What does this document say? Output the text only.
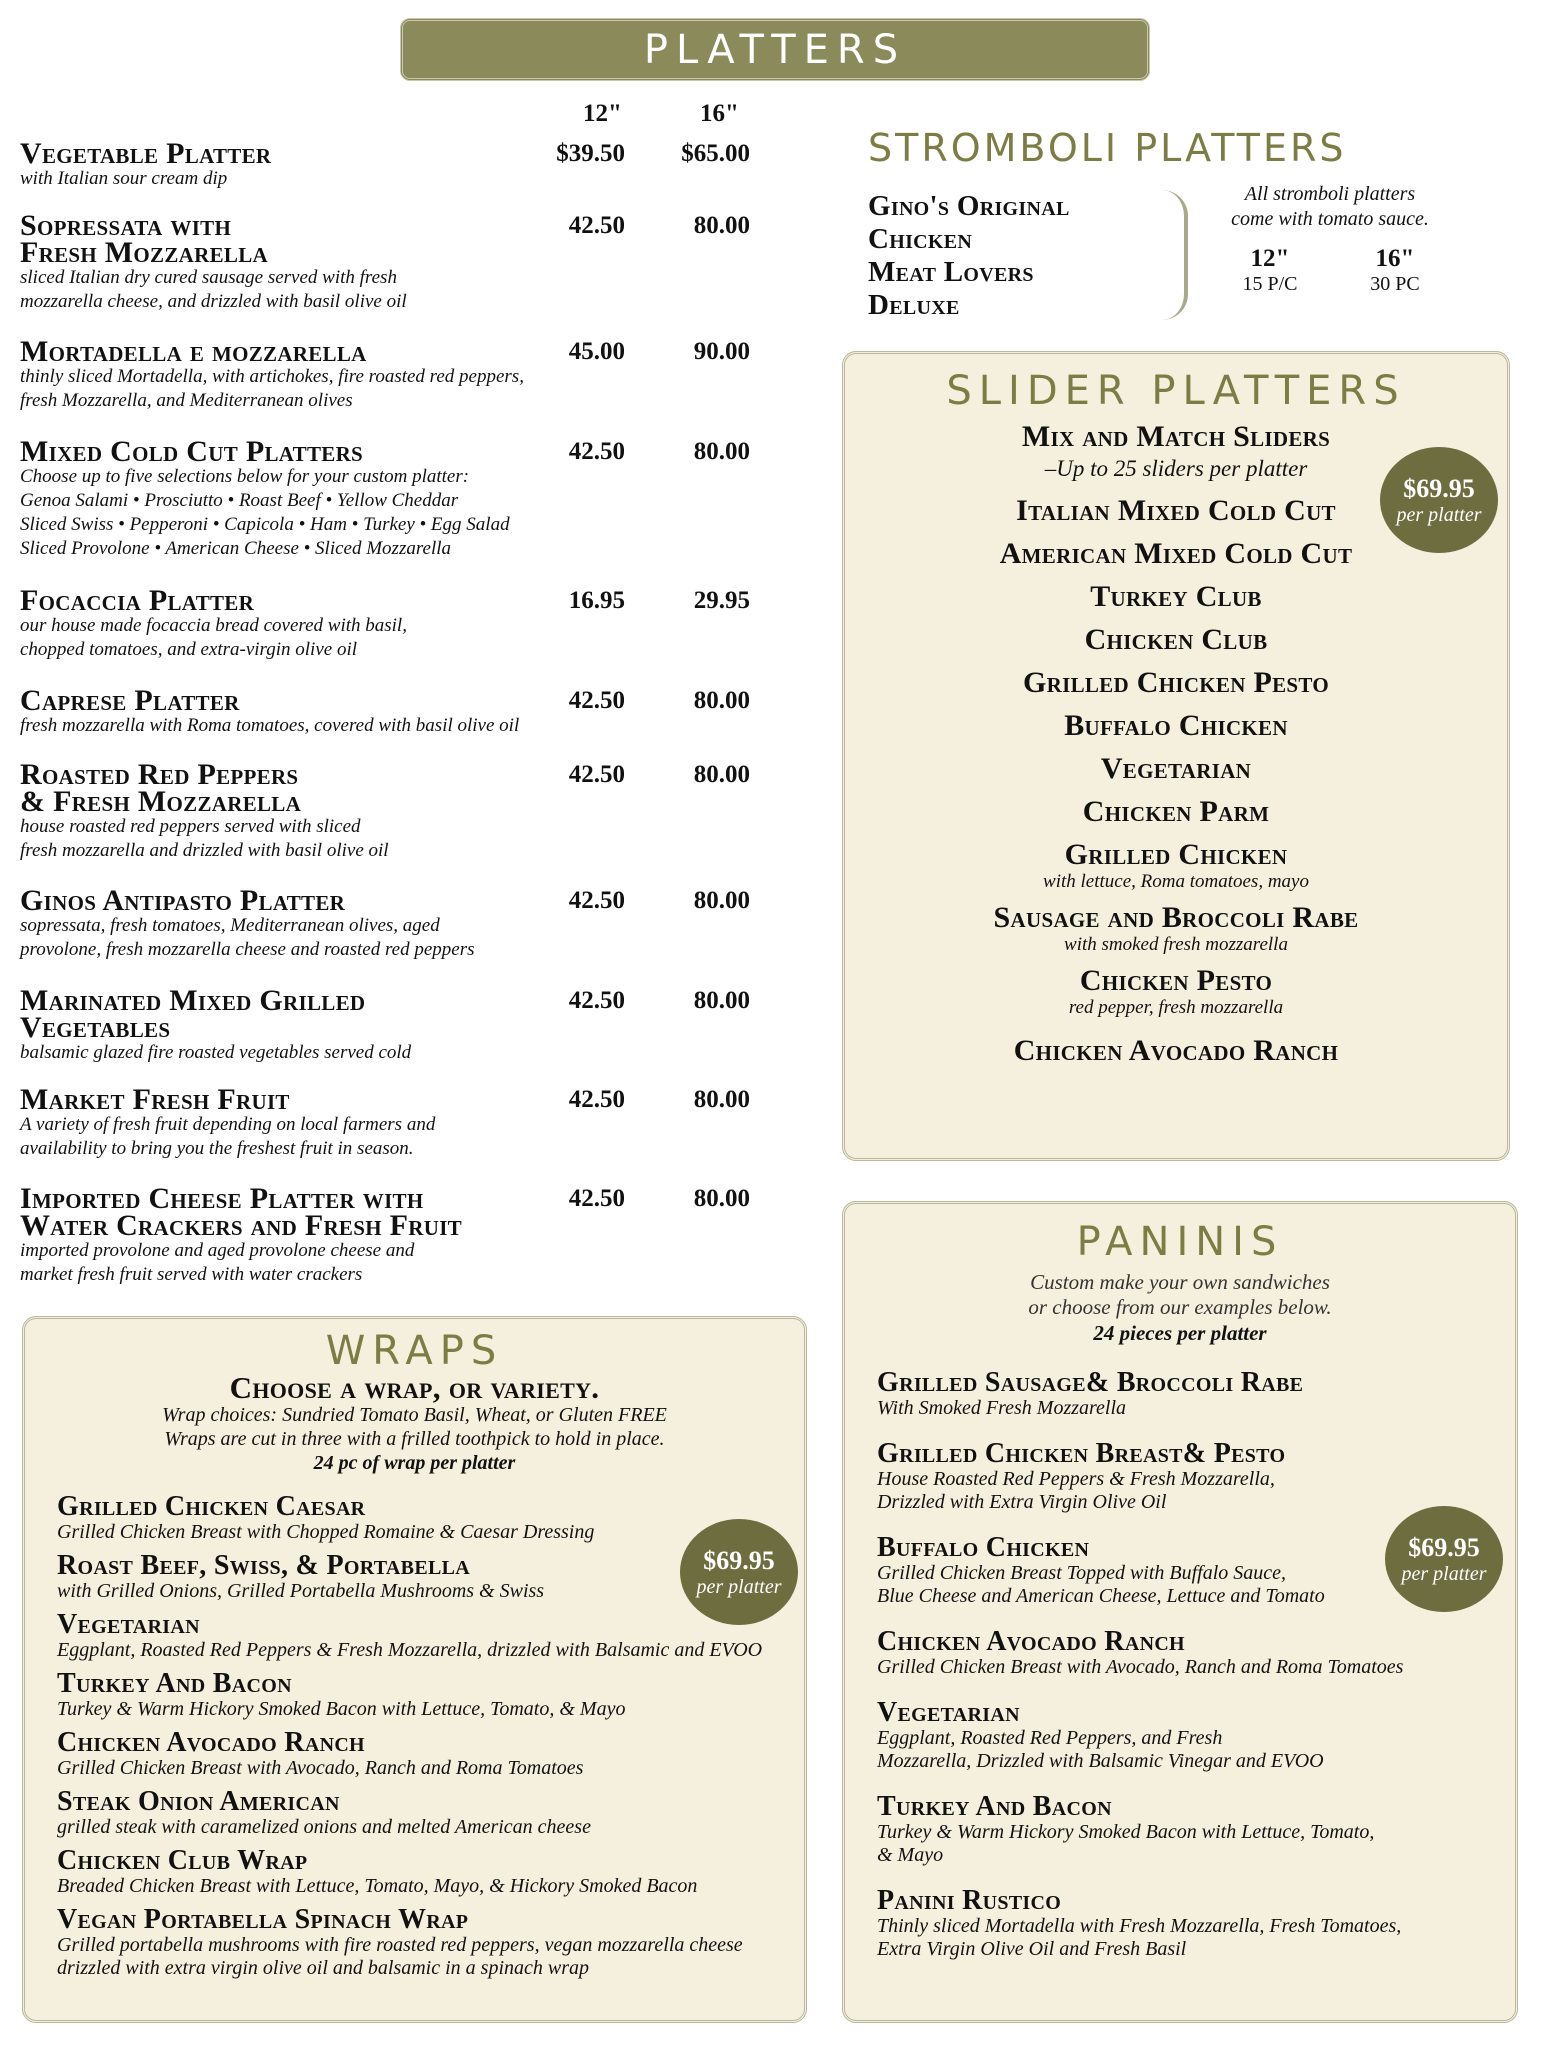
PLATTERS
12"	16"
Vegetable Platter
with Italian sour cream dip
$39.50	$65.00
Sopressata with
Fresh Mozzarella
sliced Italian dry cured sausage served with fresh
mozzarella cheese, and drizzled with basil olive oil
42.50	80.00
Mortadella e mozzarella
thinly sliced Mortadella, with artichokes, fire roasted red peppers,
fresh Mozzarella, and Mediterranean olives
45.00	90.00
Mixed Cold Cut Platters
Choose up to five selections below for your custom platter:
Genoa Salami • Prosciutto • Roast Beef • Yellow Cheddar
Sliced Swiss • Pepperoni • Capicola • Ham • Turkey • Egg Salad
Sliced Provolone • American Cheese • Sliced Mozzarella
42.50	80.00
Focaccia Platter
our house made focaccia bread covered with basil,
chopped tomatoes, and extra-virgin olive oil
16.95	29.95
Caprese Platter
fresh mozzarella with Roma tomatoes, covered with basil olive oil
42.50	80.00
Roasted Red Peppers
& Fresh Mozzarella
house roasted red peppers served with sliced
fresh mozzarella and drizzled with basil olive oil
42.50	80.00
Ginos Antipasto Platter
sopressata, fresh tomatoes, Mediterranean olives, aged
provolone, fresh mozzarella cheese and roasted red peppers
42.50	80.00
Marinated Mixed Grilled
Vegetables
balsamic glazed fire roasted vegetables served cold
42.50	80.00
Market Fresh Fruit
A variety of fresh fruit depending on local farmers and
availability to bring you the freshest fruit in season.
42.50	80.00
Imported Cheese Platter with
Water Crackers and Fresh Fruit
imported provolone and aged provolone cheese and
market fresh fruit served with water crackers
42.50	80.00
STROMBOLI PLATTERS
Gino's Original
Chicken
Meat Lovers
Deluxe
All stromboli platters
come with tomato sauce.
12"
15 P/C
16"
30 PC
SLIDER PLATTERS
Mix and Match Sliders
–Up to 25 sliders per platter
Italian Mixed Cold Cut
American Mixed Cold Cut
Turkey Club
Chicken Club
Grilled Chicken Pesto
Buffalo Chicken
Vegetarian
Chicken Parm
Grilled Chicken
with lettuce, Roma tomatoes, mayo
Sausage and Broccoli Rabe
with smoked fresh mozzarella
Chicken Pesto
red pepper, fresh mozzarella
Chicken Avocado Ranch
$69.95
per platter
WRAPS
Choose a wrap, or variety.
Wrap choices: Sundried Tomato Basil, Wheat, or Gluten FREE
Wraps are cut in three with a frilled toothpick to hold in place.
24 pc of wrap per platter
Grilled Chicken Caesar
Grilled Chicken Breast with Chopped Romaine & Caesar Dressing
Roast Beef, Swiss, & Portabella
with Grilled Onions, Grilled Portabella Mushrooms & Swiss
Vegetarian
Eggplant, Roasted Red Peppers & Fresh Mozzarella, drizzled with Balsamic and EVOO
Turkey And Bacon
Turkey & Warm Hickory Smoked Bacon with Lettuce, Tomato, & Mayo
Chicken Avocado Ranch
Grilled Chicken Breast with Avocado, Ranch and Roma Tomatoes
Steak Onion American
grilled steak with caramelized onions and melted American cheese
Chicken Club Wrap
Breaded Chicken Breast with Lettuce, Tomato, Mayo, & Hickory Smoked Bacon
Vegan Portabella Spinach Wrap
Grilled portabella mushrooms with fire roasted red peppers, vegan mozzarella cheese
drizzled with extra virgin olive oil and balsamic in a spinach wrap
$69.95
per platter
PANINIS
Custom make your own sandwiches
or choose from our examples below.
24 pieces per platter
Grilled Sausage& Broccoli Rabe
With Smoked Fresh Mozzarella
Grilled Chicken Breast& Pesto
House Roasted Red Peppers & Fresh Mozzarella,
Drizzled with Extra Virgin Olive Oil
Buffalo Chicken
Grilled Chicken Breast Topped with Buffalo Sauce,
Blue Cheese and American Cheese, Lettuce and Tomato
Chicken Avocado Ranch
Grilled Chicken Breast with Avocado, Ranch and Roma Tomatoes
Vegetarian
Eggplant, Roasted Red Peppers, and Fresh
Mozzarella, Drizzled with Balsamic Vinegar and EVOO
Turkey And Bacon
Turkey & Warm Hickory Smoked Bacon with Lettuce, Tomato,
& Mayo
Panini Rustico
Thinly sliced Mortadella with Fresh Mozzarella, Fresh Tomatoes,
Extra Virgin Olive Oil and Fresh Basil
$69.95
per platter
